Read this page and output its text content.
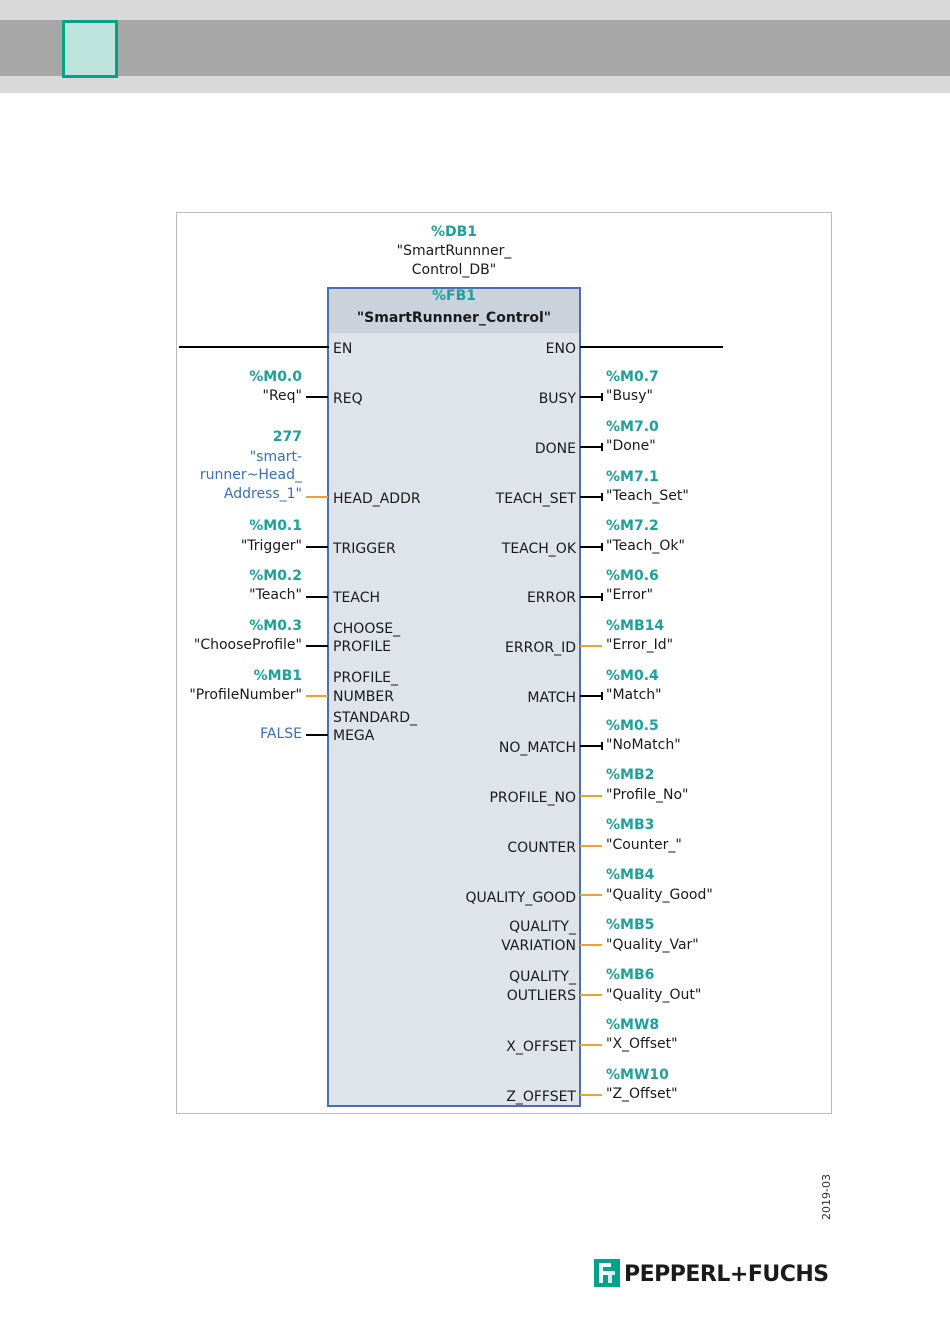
%DB1
"SmartRunnner_
Control_DB"
%FB1
"SmartRunnner_Control"
EN	ENO
%M0.0
"Req" REQ
277
"smart-
runner~Head_
Address_1" HEAD_ADDR
%M0.1
"Trigger" TRIGGER
%M0.2
"Teach" TEACH
%M0.3
"ChooseProfile"
CHOOSE_
PROFILE
%MB1
"ProfileNumber"
PROFILE_
NUMBER
FALSE
STANDARD_
MEGA
BUSY
%M0.7
"Busy"
DONE
%M7.0
"Done"
TEACH_SET
%M7.1
"Teach_Set"
TEACH_OK
%M7.2
"Teach_Ok"
ERROR
%M0.6
"Error"
ERROR_ID
%MB14
"Error_Id"
MATCH
%M0.4
"Match"
NO_MATCH
%M0.5
"NoMatch"
PROFILE_NO
%MB2
"Profile_No"
COUNTER
%MB3
"Counter_"
QUALITY_GOOD
%MB4
"Quality_Good"
QUALITY_
VARIATION
%MB5
"Quality_Var"
QUALITY_
OUTLIERS
%MB6
"Quality_Out"
X_OFFSET
%MW8
"X_Offset"
Z_OFFSET
%MW10
"Z_Offset"
2019-03
PEPPERL+FUCHS
